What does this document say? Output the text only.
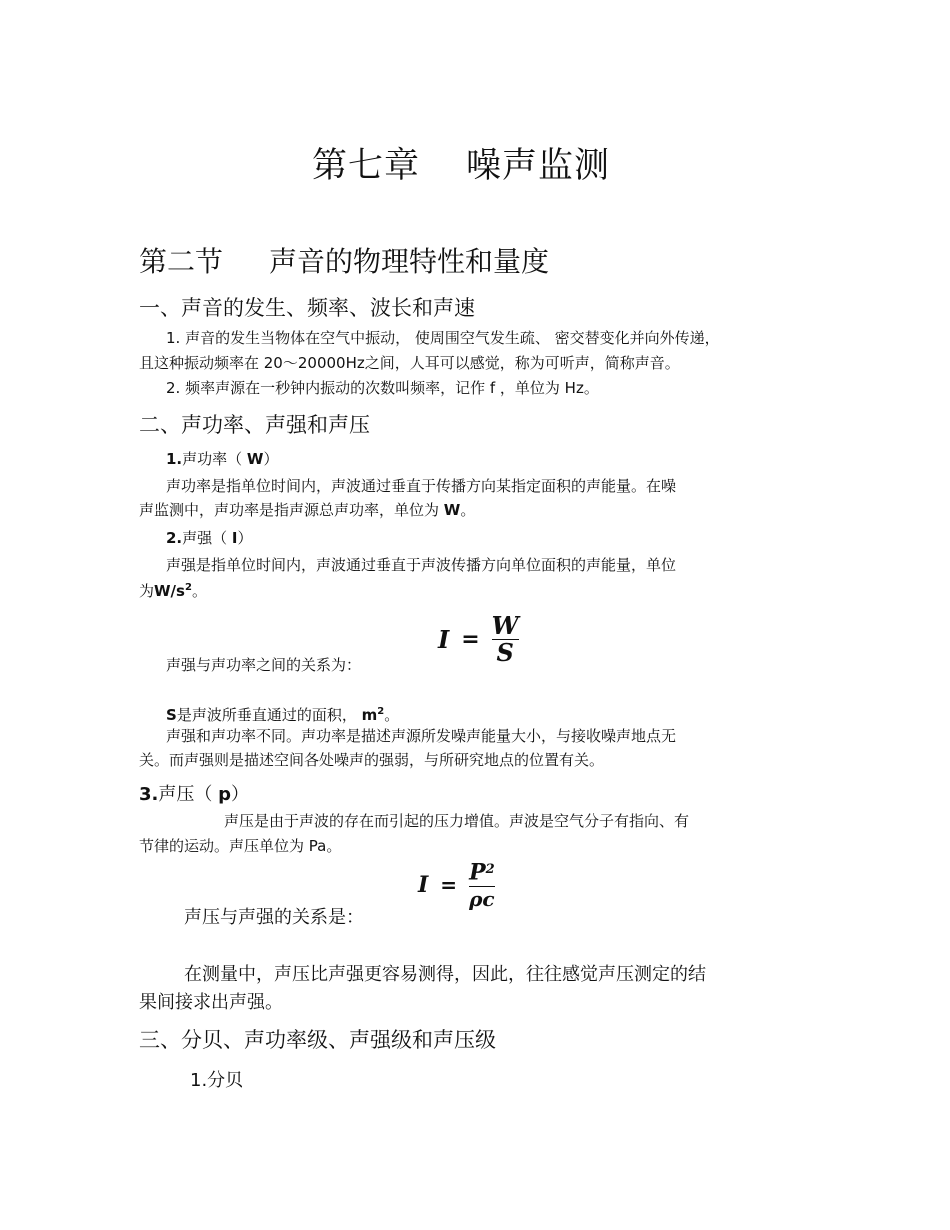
第七章 噪声监测
第二节 声音的物理特性和量度
一、声音的发生、频率、波长和声速
1. 声音的发生当物体在空气中振动， 使周围空气发生疏、 密交替变化并向外传递，
且这种振动频率在 20～20000Hz之间，人耳可以感觉，称为可听声，简称声音。
2. 频率声源在一秒钟内振动的次数叫频率，记作 f ，单位为 Hz。
二、声功率、声强和声压
1.声功率（ W）
声功率是指单位时间内，声波通过垂直于传播方向某指定面积的声能量。在噪
声监测中，声功率是指声源总声功率，单位为 W。
2.声强（ I）
声强是指单位时间内，声波通过垂直于声波传播方向单位面积的声能量，单位
为$W/s^2$。
声强与声功率之间的关系为：
$I = \frac{W}{S}$
S是声波所垂直通过的面积， $m^2$。
声强和声功率不同。声功率是描述声源所发噪声能量大小，与接收噪声地点无
关。而声强则是描述空间各处噪声的强弱，与所研究地点的位置有关。
3.声压（ p）
声压是由于声波的存在而引起的压力增值。声波是空气分子有指向、有
节律的运动。声压单位为 Pa。
声压与声强的关系是：
$I = \frac{P^2}{\rho c}$
在测量中，声压比声强更容易测得，因此，往往感觉声压测定的结
果间接求出声强。
三、分贝、声功率级、声强级和声压级
1.分贝
